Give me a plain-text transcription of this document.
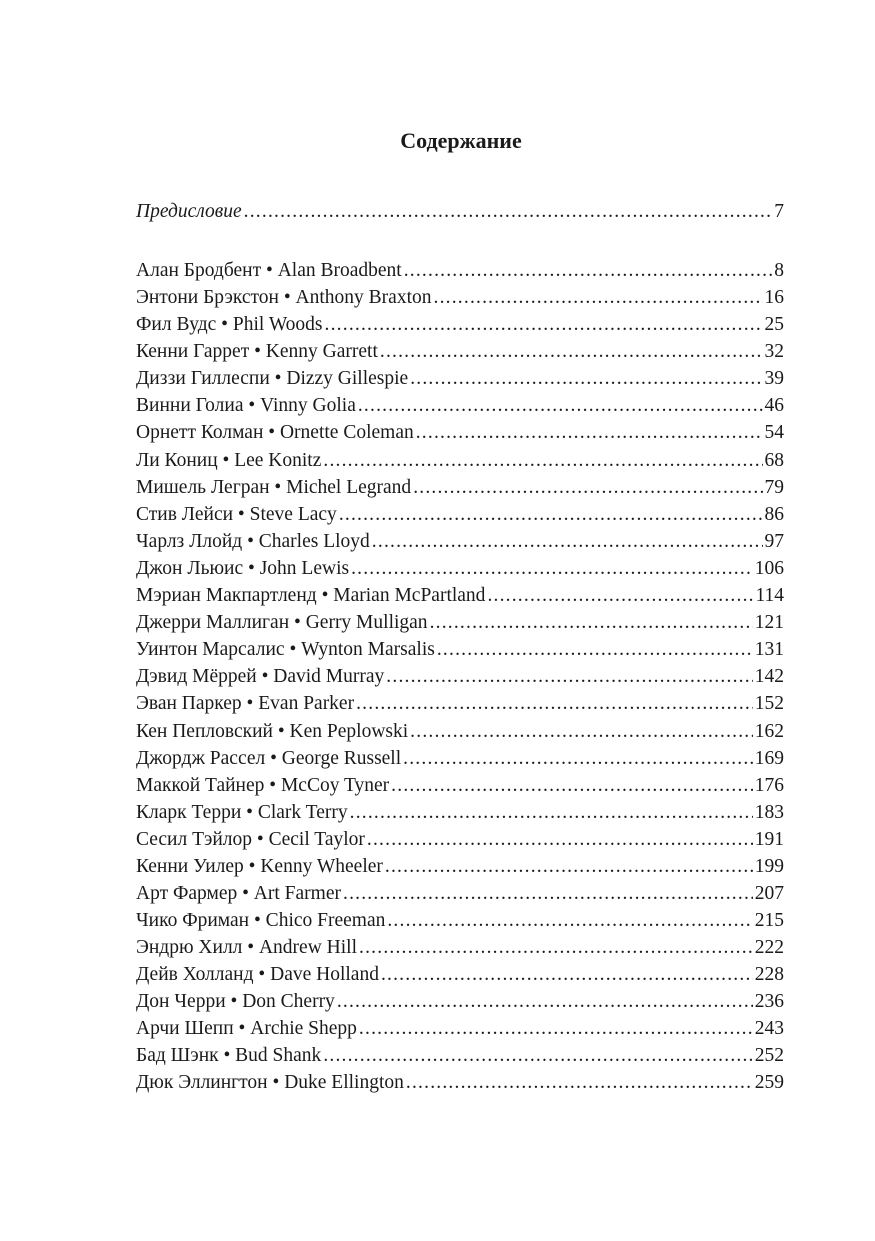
Содержание
Предисловие .....	7
Алан Бродбент • Alan Broadbent .....	8
Энтони Брэкстон • Anthony Braxton .....	16
Фил Вудс • Phil Woods .....	25
Кенни Гаррет • Kenny Garrett .....	32
Диззи Гиллеспи • Dizzy Gillespie .....	39
Винни Голиа • Vinny Golia .....	46
Орнетт Колман • Ornette Coleman .....	54
Ли Кониц • Lee Konitz .....	68
Мишель Легран • Michel Legrand .....	79
Стив Лейси • Steve Lacy .....	86
Чарлз Ллойд • Charles Lloyd .....	97
Джон Льюис • John Lewis .....	106
Мэриан Макпартленд • Marian McPartland .....	114
Джерри Маллиган • Gerry Mulligan .....	121
Уинтон Марсалис • Wynton Marsalis .....	131
Дэвид Мёррей • David Murray .....	142
Эван Паркер • Evan Parker .....	152
Кен Пепловский • Ken Peplowski .....	162
Джордж Рассел • George Russell .....	169
Маккой Тайнер • McCoy Tyner .....	176
Кларк Терри • Clark Terry .....	183
Сесил Тэйлор • Cecil Taylor .....	191
Кенни Уилер • Kenny Wheeler .....	199
Арт Фармер • Art Farmer .....	207
Чико Фриман • Chico Freeman .....	215
Эндрю Хилл • Andrew Hill .....	222
Дейв Холланд • Dave Holland .....	228
Дон Черри • Don Cherry .....	236
Арчи Шепп • Archie Shepp .....	243
Бад Шэнк • Bud Shank .....	252
Дюк Эллингтон • Duke Ellington .....	259
